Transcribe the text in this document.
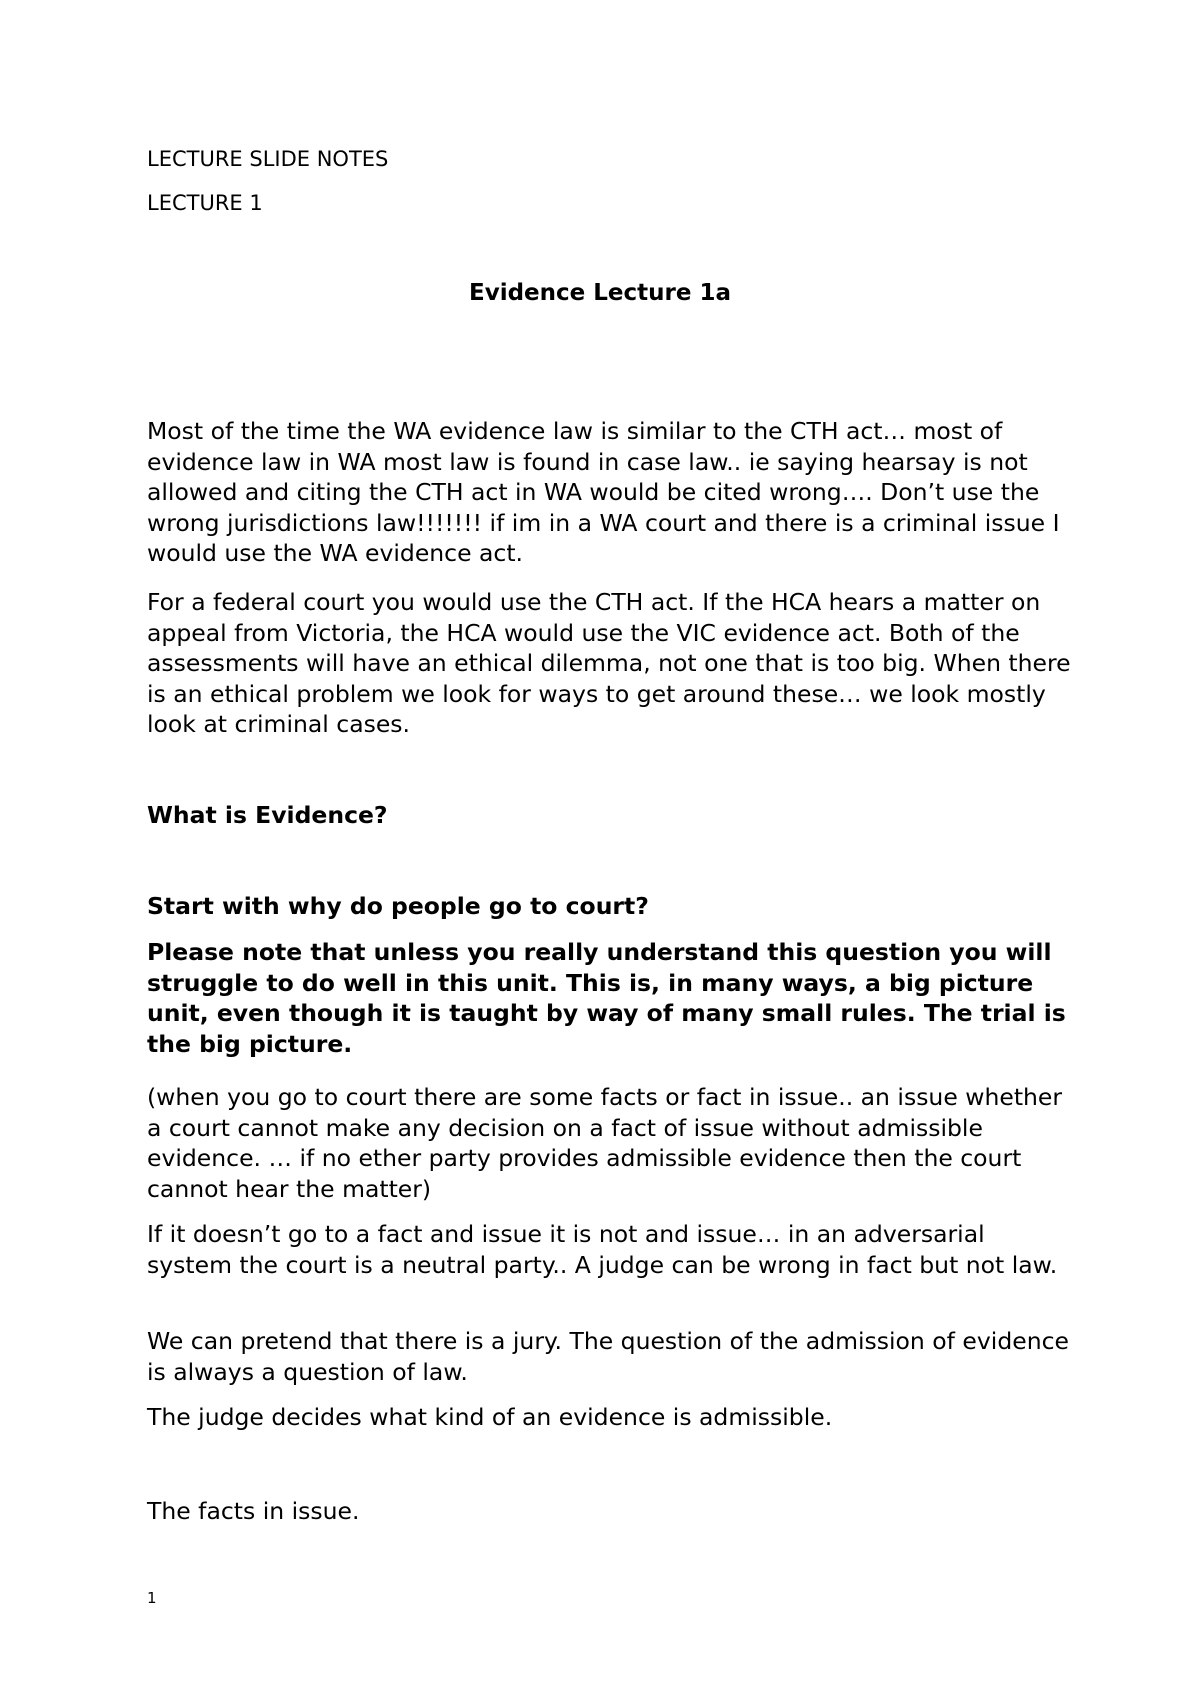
LECTURE SLIDE NOTES

LECTURE 1

Evidence Lecture 1a

Most of the time the WA evidence law is similar to the CTH act… most of evidence law in WA most law is found in case law.. ie saying hearsay is not allowed and citing the CTH act in WA would be cited wrong…. Don’t use the wrong jurisdictions law!!!!!!! if im in a WA court and there is a criminal issue I would use the WA evidence act.

For a federal court you would use the CTH act. If the HCA hears a matter on appeal from Victoria, the HCA would use the VIC evidence act. Both of the assessments will have an ethical dilemma, not one that is too big. When there is an ethical problem we look for ways to get around these… we look mostly look at criminal cases.

What is Evidence?

Start with why do people go to court?

Please note that unless you really understand this question you will struggle to do well in this unit. This is, in many ways, a big picture unit, even though it is taught by way of many small rules. The trial is the big picture.

(when you go to court there are some facts or fact in issue.. an issue whether a court cannot make any decision on a fact of issue without admissible evidence. … if no ether party provides admissible evidence then the court cannot hear the matter)

If it doesn’t go to a fact and issue it is not and issue… in an adversarial system the court is a neutral party.. A judge can be wrong in fact but not law.

We can pretend that there is a jury. The question of the admission of evidence is always a question of law.

The judge decides what kind of an evidence is admissible.

The facts in issue.

1
